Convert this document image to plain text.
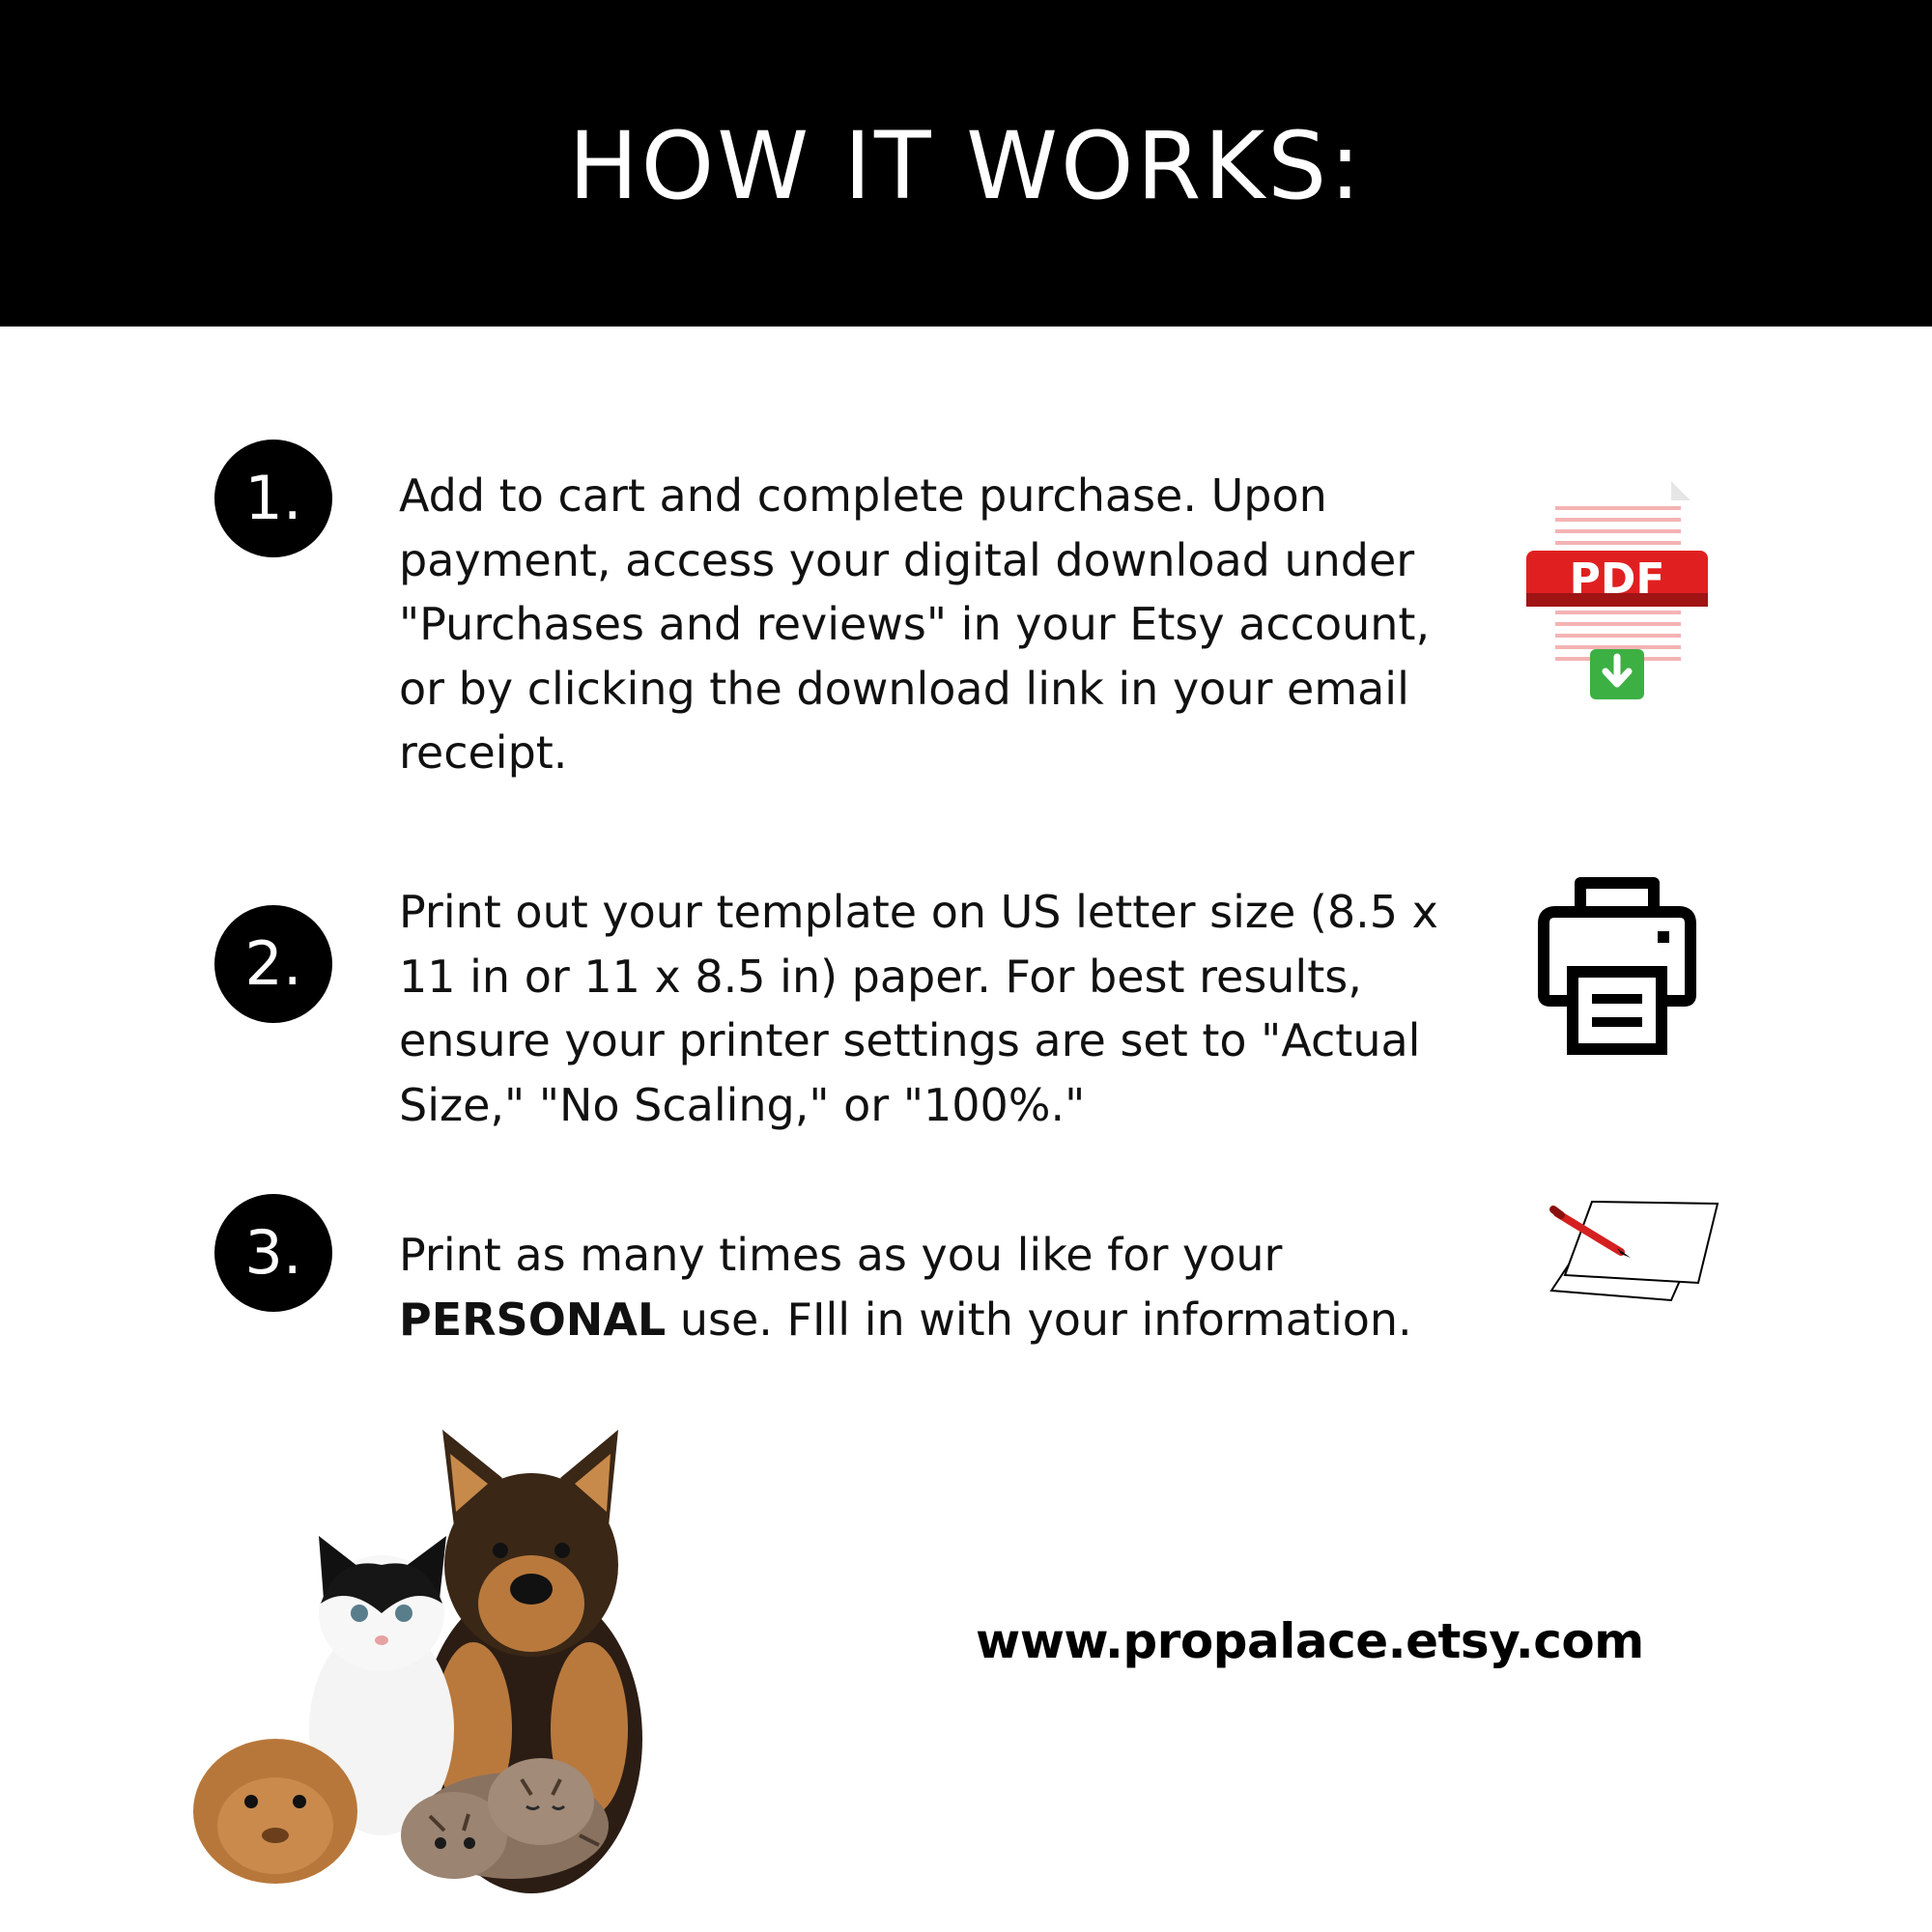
HOW IT WORKS:
1.	Add to cart and complete purchase. Upon payment, access your digital download under "Purchases and reviews" in your Etsy account, or by clicking the download link in your email receipt.

PDF
2.

Print out your template on US letter size (8.5 x 11 in or 11 x 8.5 in) paper. For best results, ensure your printer settings are set to "Actual Size," "No Scaling," or "100%."

3.	Print as many times as you like for your
PERSONAL use. FIll in with your information.

www.propalace.etsy.com
